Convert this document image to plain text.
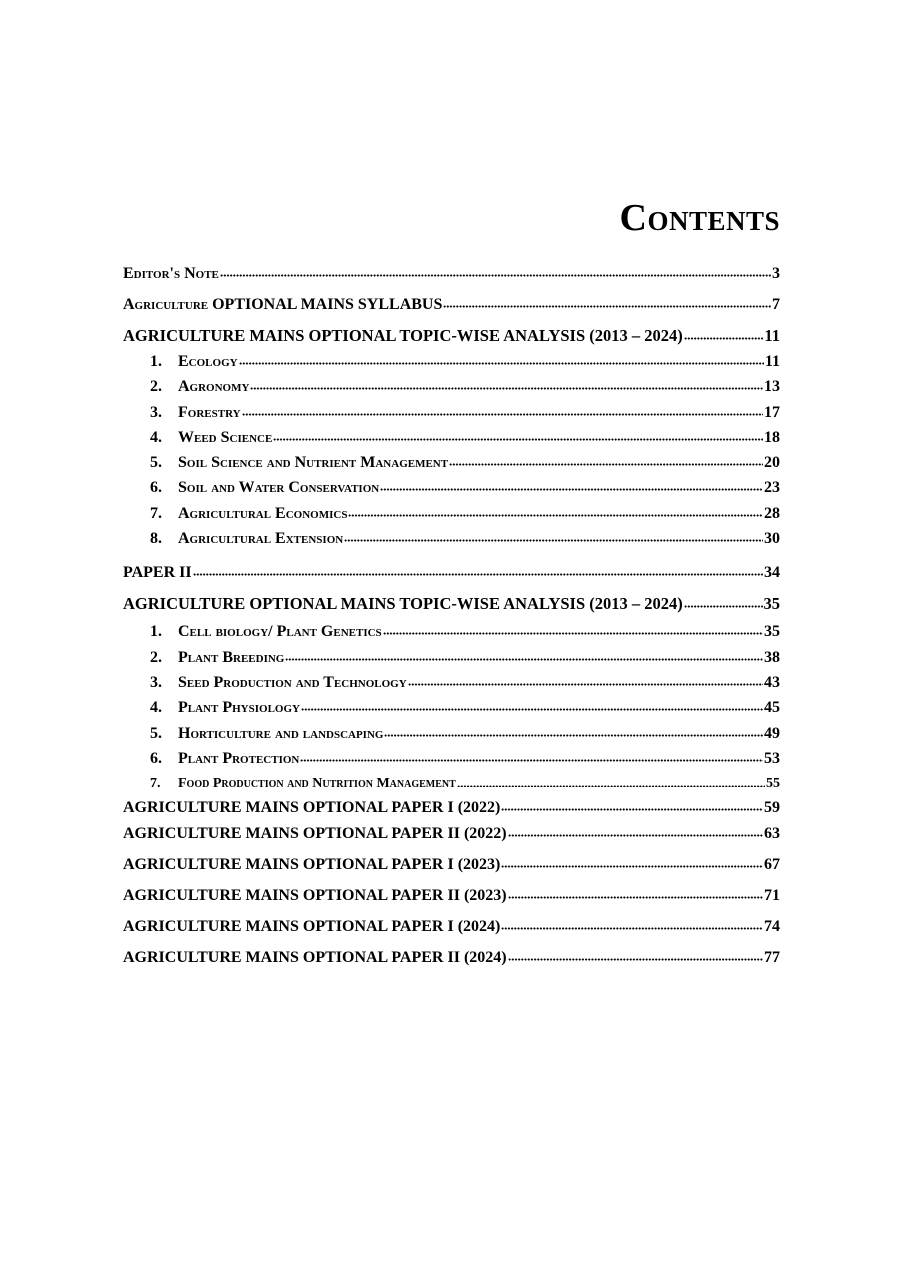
Contents
Editor's Note	3
Agriculture OPTIONAL MAINS SYLLABUS	7
AGRICULTURE MAINS OPTIONAL TOPIC-WISE ANALYSIS (2013 – 2024)	11
1.	Ecology	11
2.	Agronomy	13
3.	Forestry	17
4.	Weed Science	18
5.	Soil Science and Nutrient Management	20
6.	Soil and Water Conservation	23
7.	Agricultural Economics	28
8.	Agricultural Extension	30
PAPER II	34
AGRICULTURE OPTIONAL MAINS TOPIC-WISE ANALYSIS (2013 – 2024)	35
1.	Cell biology/ Plant Genetics	35
2.	Plant Breeding	38
3.	Seed Production and Technology	43
4.	Plant Physiology	45
5.	Horticulture and landscaping	49
6.	Plant Protection	53
7.	Food Production and Nutrition Management	55
AGRICULTURE MAINS OPTIONAL PAPER I (2022)	59
AGRICULTURE MAINS OPTIONAL PAPER II (2022)	63
AGRICULTURE MAINS OPTIONAL PAPER I (2023)	67
AGRICULTURE MAINS OPTIONAL PAPER II (2023)	71
AGRICULTURE MAINS OPTIONAL PAPER I (2024)	74
AGRICULTURE MAINS OPTIONAL PAPER II (2024)	77
